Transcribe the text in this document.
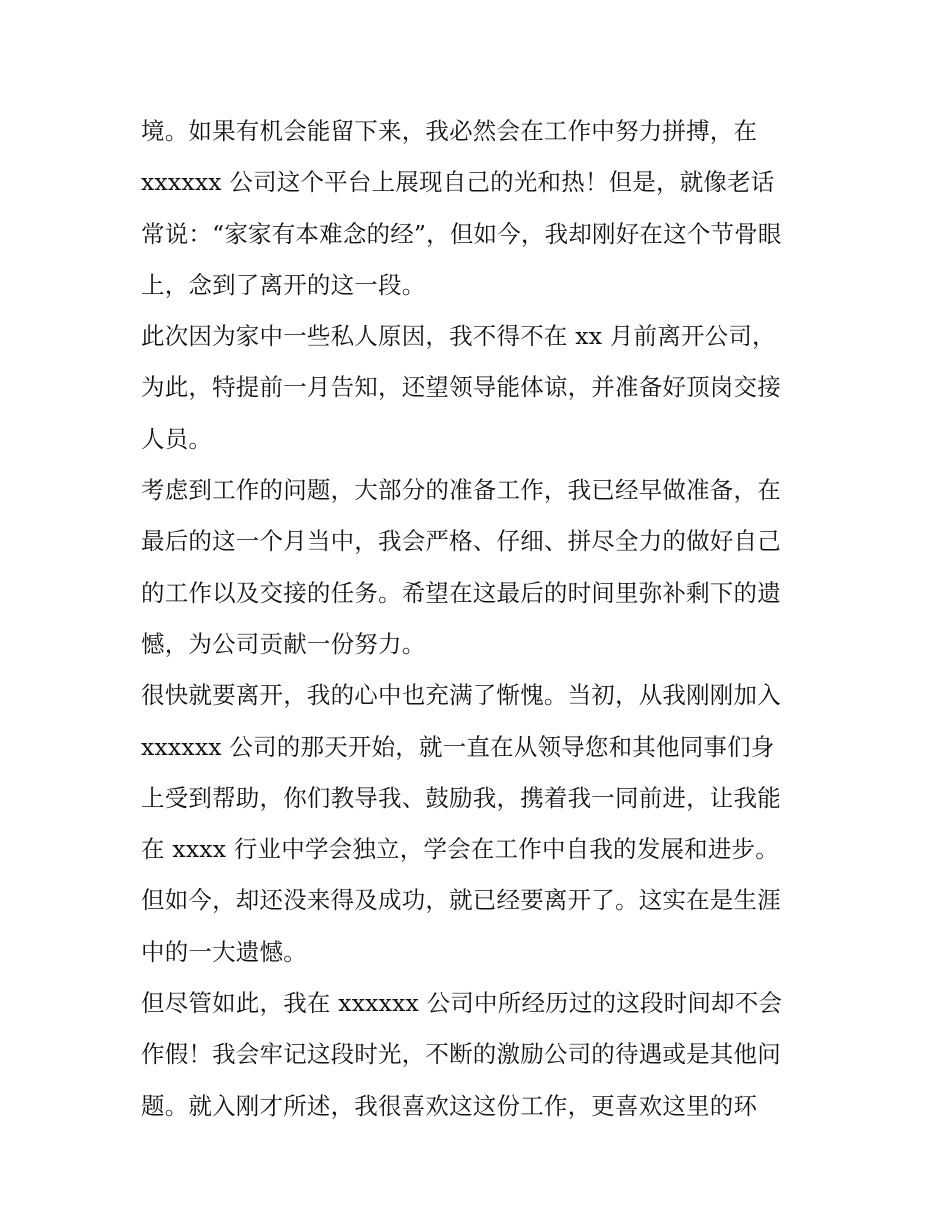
境。如果有机会能留下来，我必然会在工作中努力拼搏，在
xxxxxx 公司这个平台上展现自己的光和热！但是，就像老话
常说：“家家有本难念的经”，但如今，我却刚好在这个节骨眼
上，念到了离开的这一段。
此次因为家中一些私人原因，我不得不在 xx 月前离开公司，
为此，特提前一月告知，还望领导能体谅，并准备好顶岗交接
人员。
考虑到工作的问题，大部分的准备工作，我已经早做准备，在
最后的这一个月当中，我会严格、仔细、拼尽全力的做好自己
的工作以及交接的任务。希望在这最后的时间里弥补剩下的遗
憾，为公司贡献一份努力。
很快就要离开，我的心中也充满了惭愧。当初，从我刚刚加入
xxxxxx 公司的那天开始，就一直在从领导您和其他同事们身
上受到帮助，你们教导我、鼓励我，携着我一同前进，让我能
在 xxxx 行业中学会独立，学会在工作中自我的发展和进步。
但如今，却还没来得及成功，就已经要离开了。这实在是生涯
中的一大遗憾。
但尽管如此，我在 xxxxxx 公司中所经历过的这段时间却不会
作假！我会牢记这段时光，不断的激励公司的待遇或是其他问
题。就入刚才所述，我很喜欢这这份工作，更喜欢这里的环
